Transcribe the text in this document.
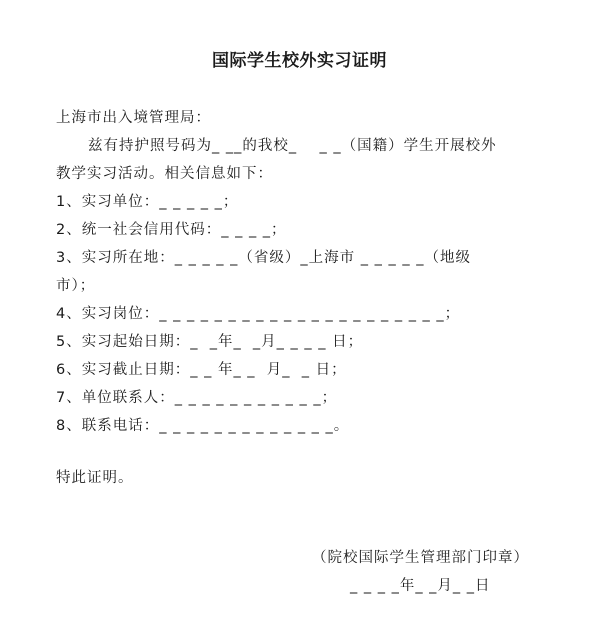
国际学生校外实习证明
上海市出入境管理局：
兹有持护照号码为_ __的我校_    _ _（国籍）学生开展校外
教学实习活动。相关信息如下：
1、实习单位：_ _ _ _ _；
2、统一社会信用代码：_ _ _ _；
3、实习所在地：_ _ _ _ _（省级）_上海市 _ _ _ _ _（地级
市）；
4、实习岗位：_ _ _ _ _ _ _ _ _ _ _ _ _ _ _ _ _ _ _ _ _；
5、实习起始日期：_  _年_  _月_ _ _ _ 日；
6、实习截止日期：_ _ 年_ _  月_  _ 日；
7、单位联系人：_ _ _ _ _ _ _ _ _ _ _；
8、联系电话：_ _ _ _ _ _ _ _ _ _ _ _ _。
特此证明。
（院校国际学生管理部门印章）
_ _ _ _年_ _月_ _日
